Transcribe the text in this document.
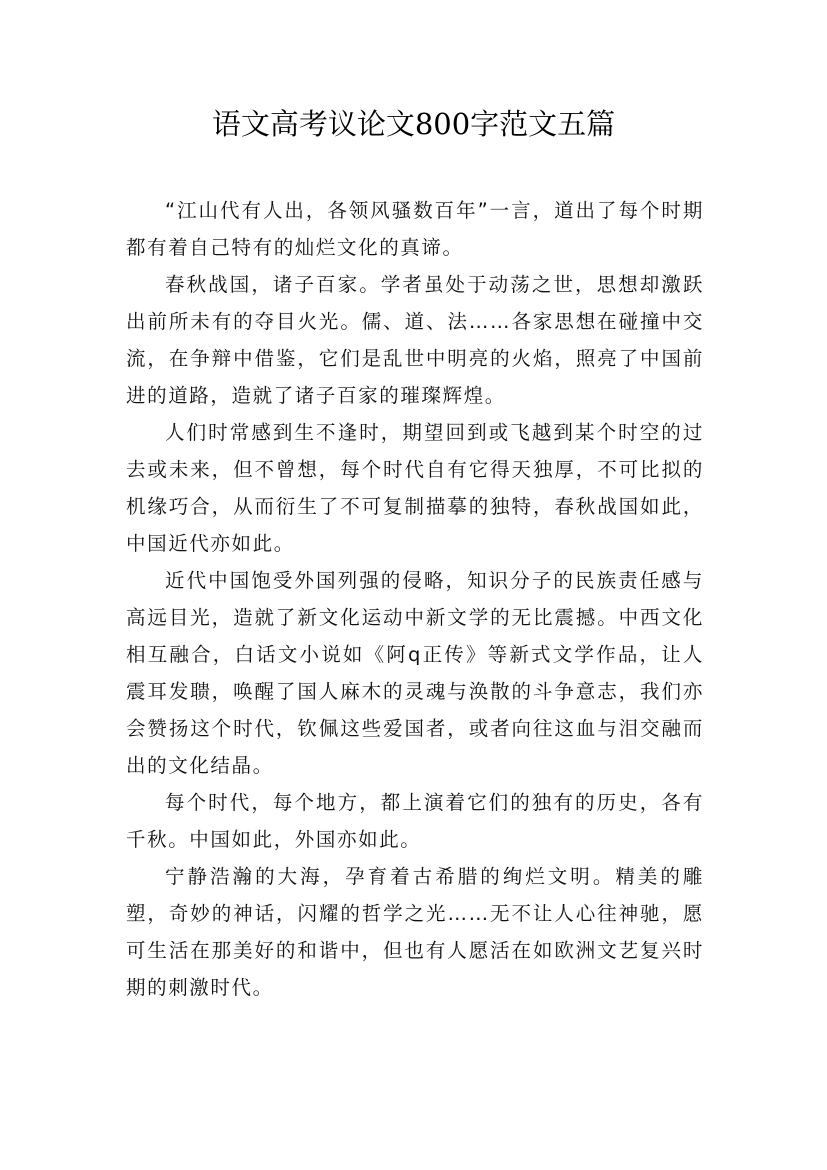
语文高考议论文800字范文五篇

“江山代有人出，各领风骚数百年”一言，道出了每个时期都有着自己特有的灿烂文化的真谛。

春秋战国，诸子百家。学者虽处于动荡之世，思想却激跃出前所未有的夺目火光。儒、道、法……各家思想在碰撞中交流，在争辩中借鉴，它们是乱世中明亮的火焰，照亮了中国前进的道路，造就了诸子百家的璀璨辉煌。

人们时常感到生不逢时，期望回到或飞越到某个时空的过去或未来，但不曾想，每个时代自有它得天独厚，不可比拟的机缘巧合，从而衍生了不可复制描摹的独特，春秋战国如此，中国近代亦如此。

近代中国饱受外国列强的侵略，知识分子的民族责任感与高远目光，造就了新文化运动中新文学的无比震撼。中西文化相互融合，白话文小说如《阿q正传》等新式文学作品，让人震耳发聩，唤醒了国人麻木的灵魂与涣散的斗争意志，我们亦会赞扬这个时代，钦佩这些爱国者，或者向往这血与泪交融而出的文化结晶。

每个时代，每个地方，都上演着它们的独有的历史，各有千秋。中国如此，外国亦如此。

宁静浩瀚的大海，孕育着古希腊的绚烂文明。精美的雕塑，奇妙的神话，闪耀的哲学之光……无不让人心往神驰，愿可生活在那美好的和谐中，但也有人愿活在如欧洲文艺复兴时期的刺激时代。
